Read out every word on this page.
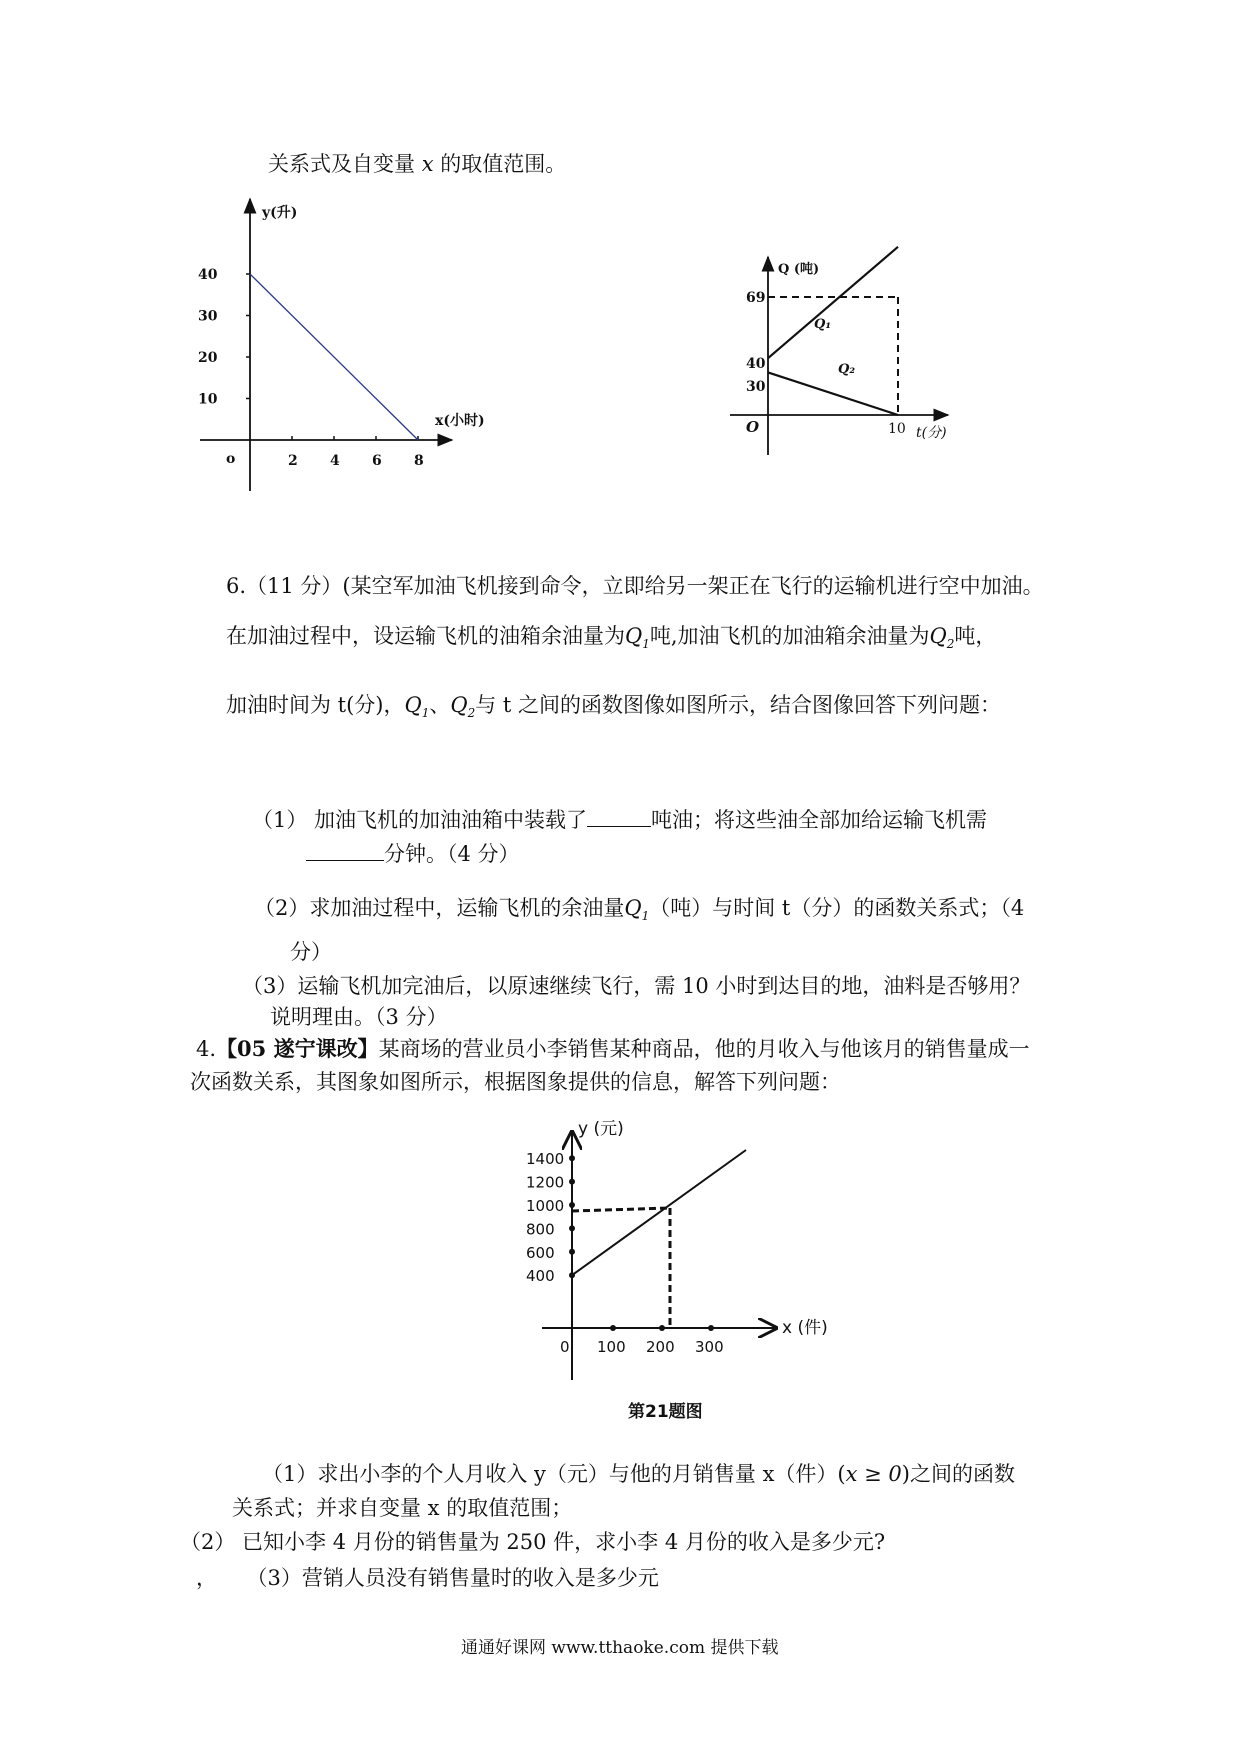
关系式及自变量 x 的取值范围。
y(升)
x(小时)
o
40
30
20
10
2 4 6 8
Q (吨)
t(分)
O
69
40
30
10
Q₁
Q₂
6.（11 分）(某空军加油飞机接到命令，立即给另一架正在飞行的运输机进行空中加油。
在加油过程中，设运输飞机的油箱余油量为$Q_1$吨,加油飞机的加油箱余油量为$Q_2$吨，
加油时间为 t(分)，$Q_1$、$Q_2$与 t 之间的函数图像如图所示，结合图像回答下列问题：
（1） 加油飞机的加油油箱中装载了	吨油；将这些油全部加给运输飞机需
分钟。（4 分）
（2）求加油过程中，运输飞机的余油量$Q_1$（吨）与时间 t（分）的函数关系式；（4
分）
（3）运输飞机加完油后，以原速继续飞行，需 10 小时到达目的地，油料是否够用？
说明理由。（3 分）
4.【05 遂宁课改】某商场的营业员小李销售某种商品，他的月收入与他该月的销售量成一
次函数关系，其图象如图所示，根据图象提供的信息，解答下列问题：
y (元)
0
1400
1200
1000
800
600
400
100 200 300
x (件)
第21题图
（1）求出小李的个人月收入 y（元）与他的月销售量 x（件）(x ≥ 0)之间的函数
关系式；并求自变量 x 的取值范围；
（2） 已知小李 4 月份的销售量为 250 件，求小李 4 月份的收入是多少元?
， （3）营销人员没有销售量时的收入是多少元
通通好课网 www.tthaoke.com 提供下载
